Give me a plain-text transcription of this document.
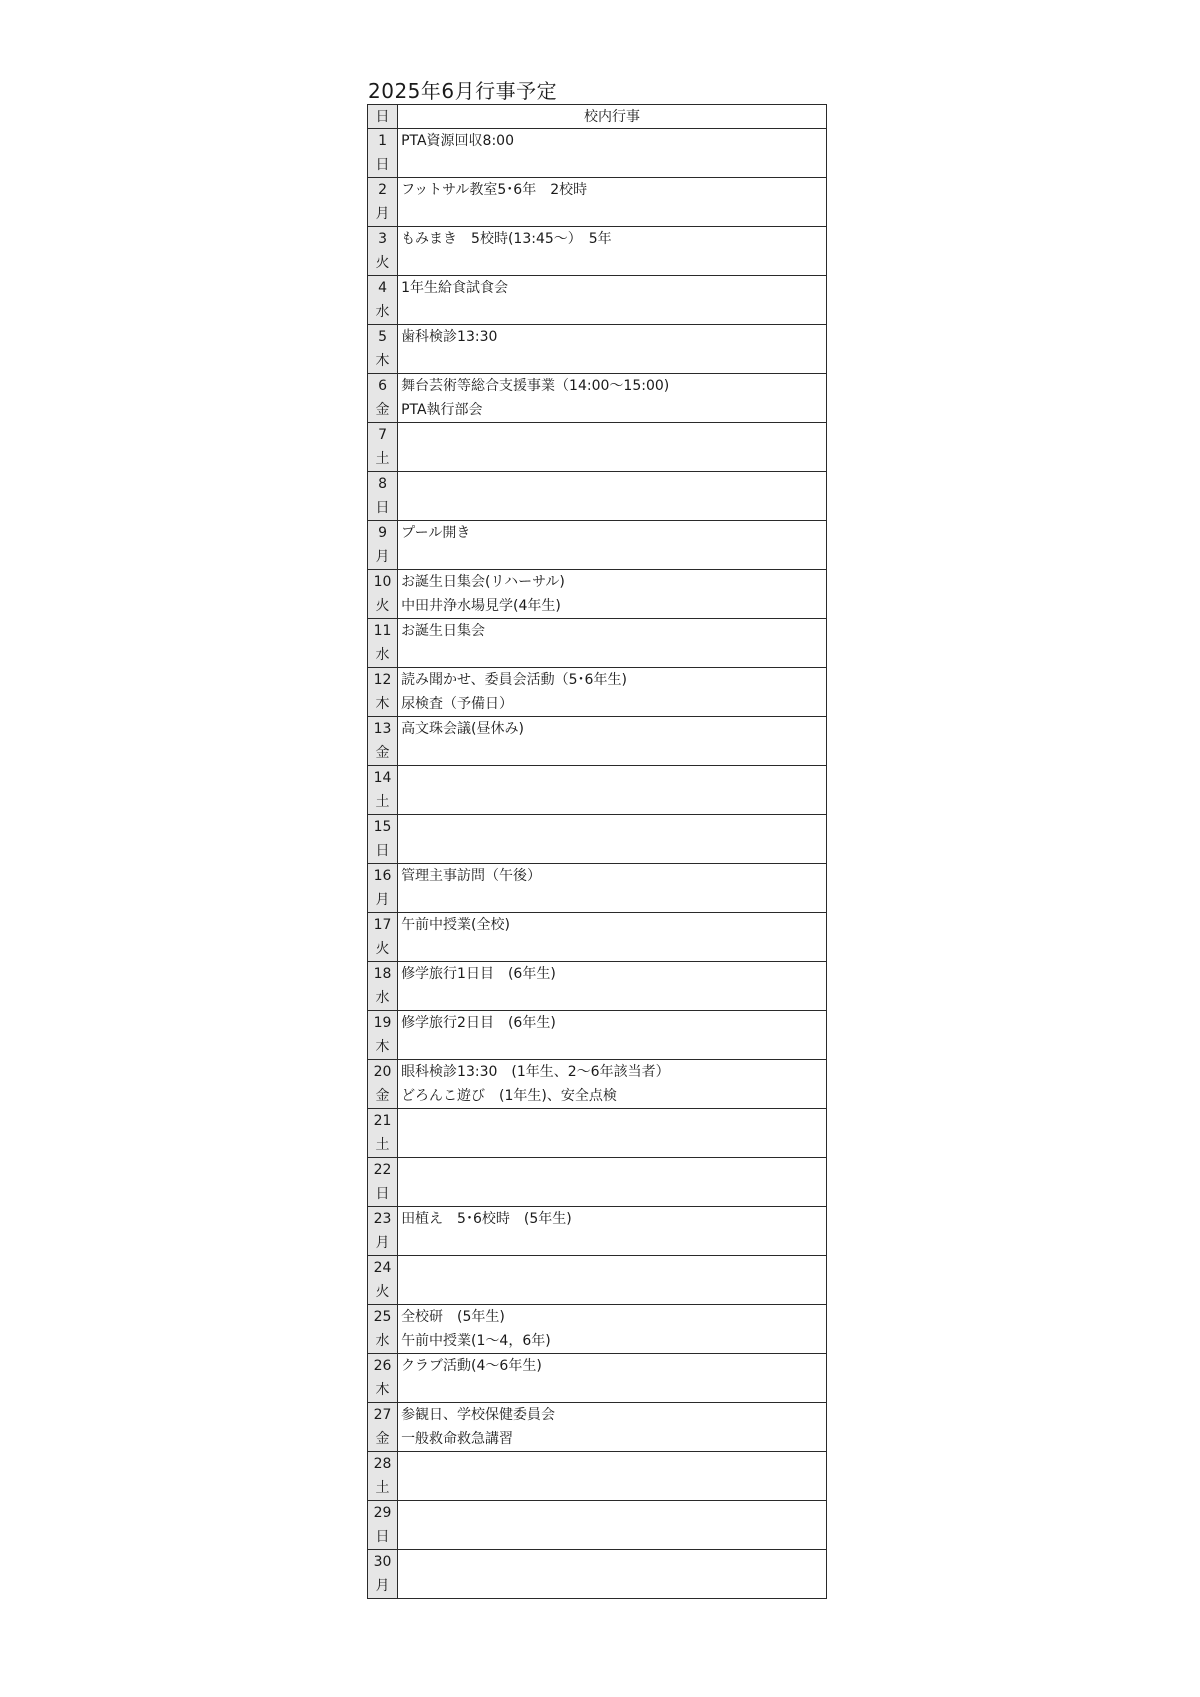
2025年6月行事予定
日	校内行事

1
日	PTA資源回収8:00

2
月	フットサル教室5･6年　2校時

3
火	もみまき　5校時(13:45～）　5年

4
水	1年生給食試食会

5
木	歯科検診13:30

6
金	舞台芸術等総合支援事業（14:00～15:00)
PTA執行部会

7
土	

8
日	

9
月	プール開き

10
火	お誕生日集会(リハーサル)
中田井浄水場見学(4年生)

11
水	お誕生日集会

12
木	読み聞かせ、委員会活動（5･6年生)
尿検査（予備日）

13
金	高文珠会議(昼休み)

14
土	

15
日	

16
月	管理主事訪問（午後）

17
火	午前中授業(全校)

18
水	修学旅行1日目　(6年生)

19
木	修学旅行2日目　(6年生)

20
金	眼科検診13:30　(1年生、2～6年該当者）
どろんこ遊び　(1年生)、安全点検

21
土	

22
日	

23
月	田植え　5･6校時　(5年生)

24
火	

25
水	全校研　(5年生)
午前中授業(1～4，6年)

26
木	クラブ活動(4～6年生)

27
金	参観日、学校保健委員会
一般救命救急講習

28
土	

29
日	

30
月	
